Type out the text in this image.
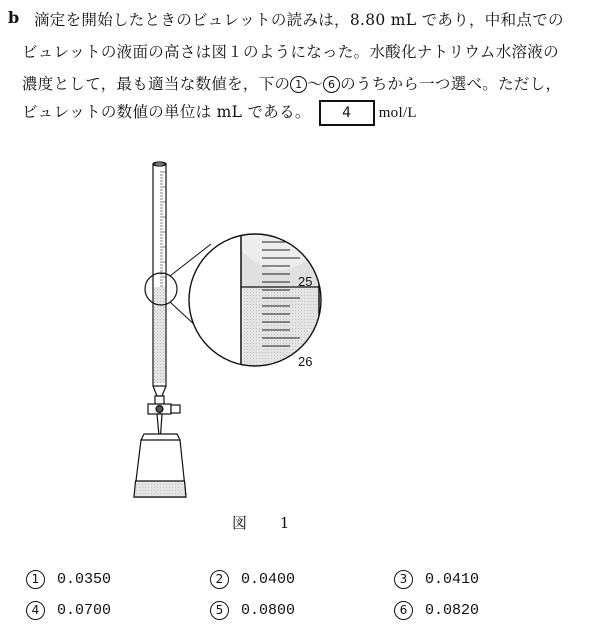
b 滴定を開始したときのビュレットの読みは，8.80 mL であり，中和点での
ビュレットの液面の高さは図１のようになった。水酸化ナトリウム水溶液の
濃度として，最も適当な数値を，下の 1 〜 6 のうちから一つ選べ。ただし，
ビュレットの数値の単位は mL である。 4 mol/L
25
26
図 1
1 0.0350	2 0.0400	3 0.0410
4 0.0700	5 0.0800	6 0.0820
